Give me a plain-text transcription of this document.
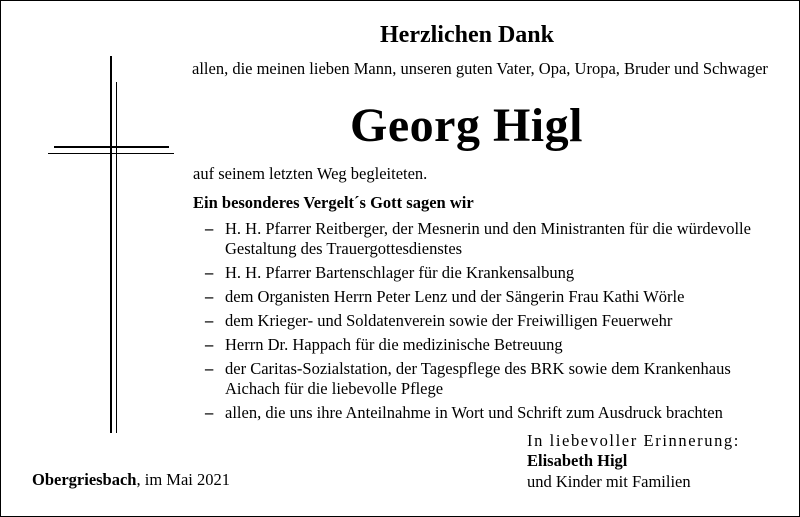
Herzlichen Dank
allen, die meinen lieben Mann, unseren guten Vater, Opa, Uropa, Bruder und Schwager
Georg Higl
auf seinem letzten Weg begleiteten.
Ein besonderes Vergelt´s Gott sagen wir
– H. H. Pfarrer Reitberger, der Mesnerin und den Ministranten für die würdevolle Gestaltung des Trauergottesdienstes
– H. H. Pfarrer Bartenschlager für die Krankensalbung
– dem Organisten Herrn Peter Lenz und der Sängerin Frau Kathi Wörle
– dem Krieger- und Soldatenverein sowie der Freiwilligen Feuerwehr
– Herrn Dr. Happach für die medizinische Betreuung
– der Caritas-Sozialstation, der Tagespflege des BRK sowie dem Krankenhaus Aichach für die liebevolle Pflege
– allen, die uns ihre Anteilnahme in Wort und Schrift zum Ausdruck brachten
In liebevoller Erinnerung:
Elisabeth Higl
und Kinder mit Familien
Obergriesbach, im Mai 2021
